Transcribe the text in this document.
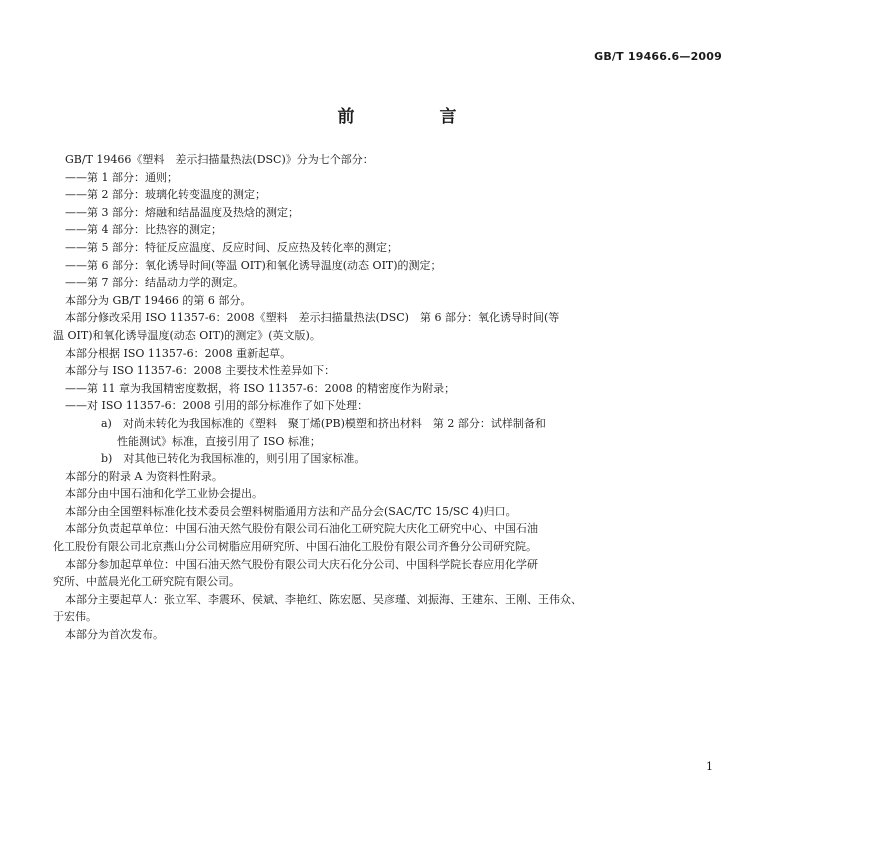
GB/T 19466.6—2009
前　言
GB/T 19466《塑料　差示扫描量热法(DSC)》分为七个部分：
——第 1 部分：通则；
——第 2 部分：玻璃化转变温度的测定；
——第 3 部分：熔融和结晶温度及热焓的测定；
——第 4 部分：比热容的测定；
——第 5 部分：特征反应温度、反应时间、反应热及转化率的测定；
——第 6 部分：氧化诱导时间(等温 OIT)和氧化诱导温度(动态 OIT)的测定；
——第 7 部分：结晶动力学的测定。
本部分为 GB/T 19466 的第 6 部分。
本部分修改采用 ISO 11357-6：2008《塑料　差示扫描量热法(DSC)　第 6 部分：氧化诱导时间(等
温 OIT)和氧化诱导温度(动态 OIT)的测定》(英文版)。
本部分根据 ISO 11357-6：2008 重新起草。
本部分与 ISO 11357-6：2008 主要技术性差异如下：
——第 11 章为我国精密度数据，将 ISO 11357-6：2008 的精密度作为附录；
——对 ISO 11357-6：2008 引用的部分标准作了如下处理：
a)　对尚未转化为我国标准的《塑料　聚丁烯(PB)模塑和挤出材料　第 2 部分：试样制备和
性能测试》标准，直接引用了 ISO 标准；
b)　对其他已转化为我国标准的，则引用了国家标准。
本部分的附录 A 为资料性附录。
本部分由中国石油和化学工业协会提出。
本部分由全国塑料标准化技术委员会塑料树脂通用方法和产品分会(SAC/TC 15/SC 4)归口。
本部分负责起草单位：中国石油天然气股份有限公司石油化工研究院大庆化工研究中心、中国石油
化工股份有限公司北京燕山分公司树脂应用研究所、中国石油化工股份有限公司齐鲁分公司研究院。
本部分参加起草单位：中国石油天然气股份有限公司大庆石化分公司、中国科学院长春应用化学研
究所、中蓝晨光化工研究院有限公司。
本部分主要起草人：张立军、李震环、侯斌、李艳红、陈宏愿、吴彦瑾、刘振海、王建东、王刚、王伟众、
于宏伟。
本部分为首次发布。
1
